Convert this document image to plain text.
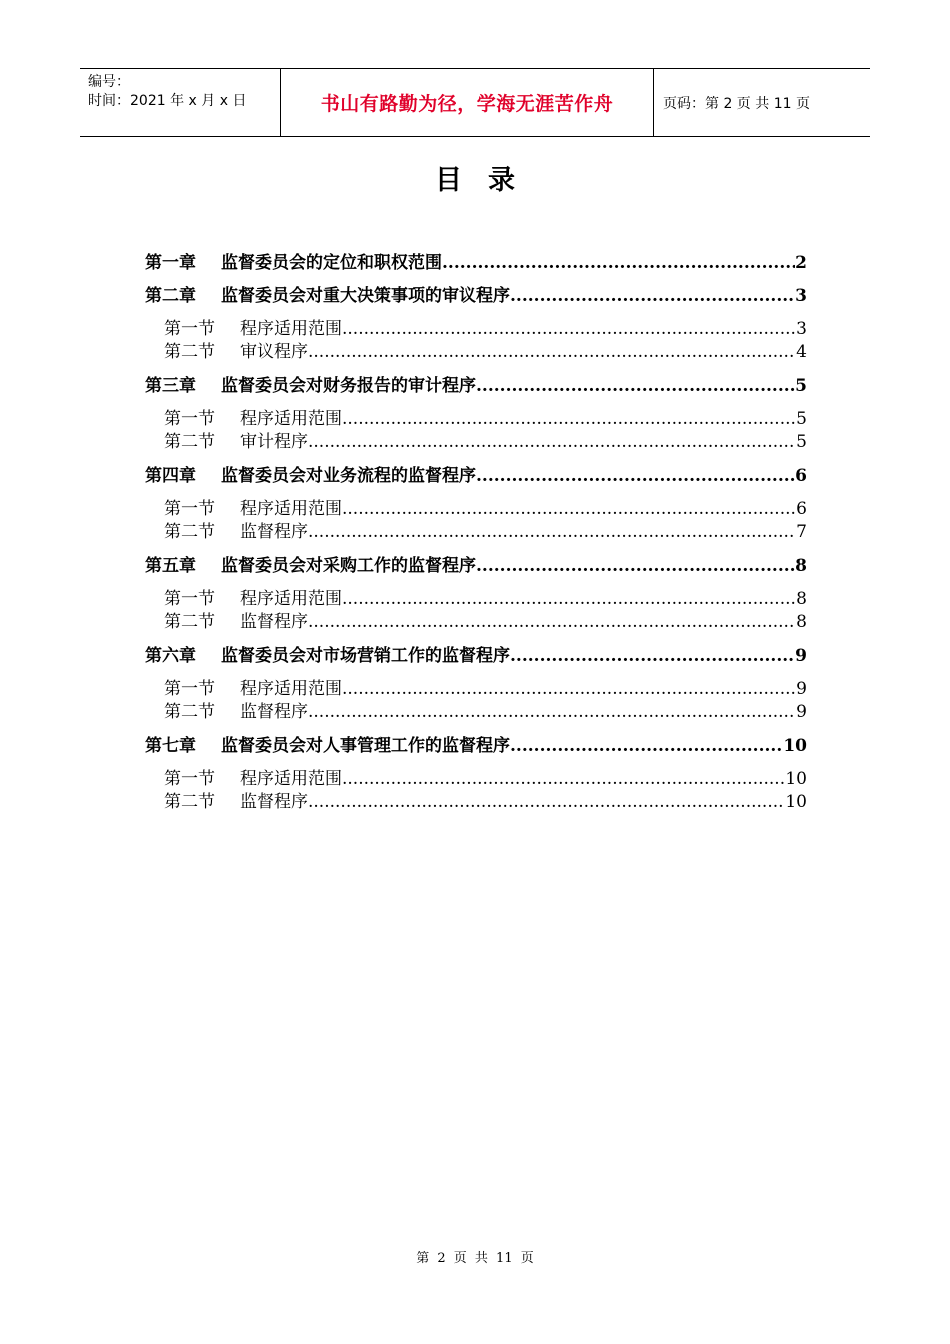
编号：
时间：2021 年 x 月 x 日	书山有路勤为径，学海无涯苦作舟	页码：第 2 页 共 11 页
目录
第一章 监督委员会的定位和职权范围 .....	2
第二章 监督委员会对重大决策事项的审议程序 .....	3
第一节 程序适用范围 .....	3
第二节 审议程序 .....	4
第三章 监督委员会对财务报告的审计程序 .....	5
第一节 程序适用范围 .....	5
第二节 审计程序 .....	5
第四章 监督委员会对业务流程的监督程序 .....	6
第一节 程序适用范围 .....	6
第二节 监督程序 .....	7
第五章 监督委员会对采购工作的监督程序 .....	8
第一节 程序适用范围 .....	8
第二节 监督程序 .....	8
第六章 监督委员会对市场营销工作的监督程序 .....	9
第一节 程序适用范围 .....	9
第二节 监督程序 .....	9
第七章 监督委员会对人事管理工作的监督程序 .....	10
第一节 程序适用范围 .....	10
第二节 监督程序 .....	10
第 2 页 共 11 页
